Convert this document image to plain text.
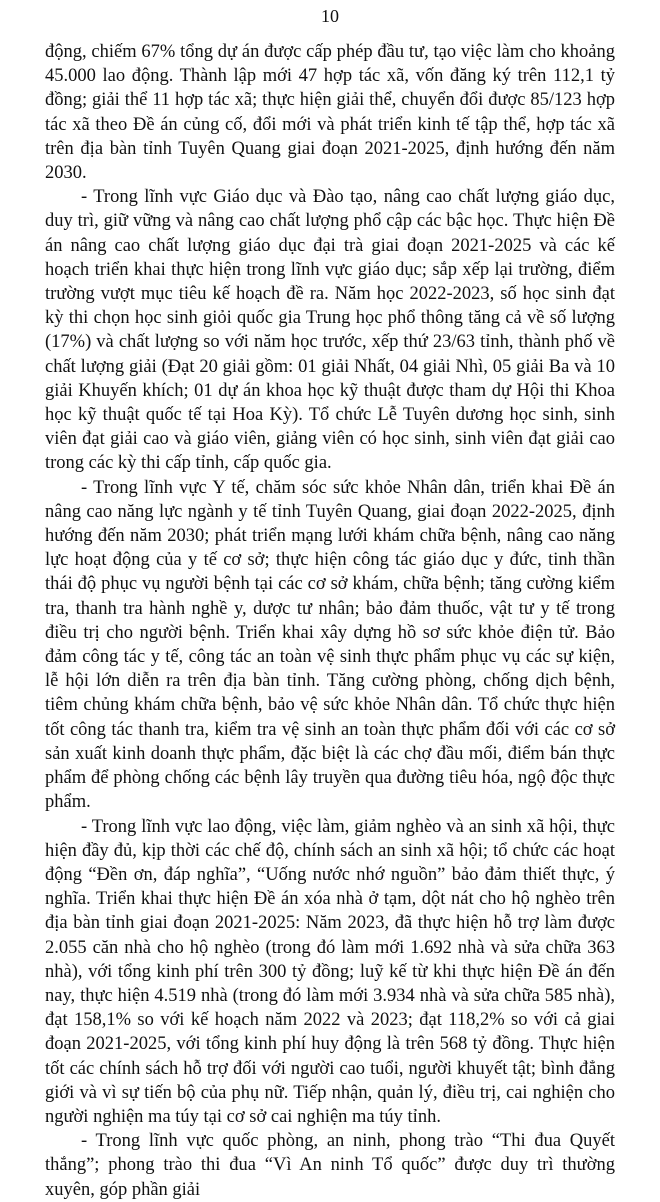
10

động, chiếm 67% tổng dự án được cấp phép đầu tư, tạo việc làm cho khoảng 45.000 lao động. Thành lập mới 47 hợp tác xã, vốn đăng ký trên 112,1 tỷ đồng; giải thể 11 hợp tác xã; thực hiện giải thể, chuyển đổi được 85/123 hợp tác xã theo Đề án củng cố, đổi mới và phát triển kinh tế tập thể, hợp tác xã trên địa bàn tỉnh Tuyên Quang giai đoạn 2021-2025, định hướng đến năm 2030.

- Trong lĩnh vực Giáo dục và Đào tạo, nâng cao chất lượng giáo dục, duy trì, giữ vững và nâng cao chất lượng phổ cập các bậc học. Thực hiện Đề án nâng cao chất lượng giáo dục đại trà giai đoạn 2021-2025 và các kế hoạch triển khai thực hiện trong lĩnh vực giáo dục; sắp xếp lại trường, điểm trường vượt mục tiêu kế hoạch đề ra. Năm học 2022-2023, số học sinh đạt kỳ thi chọn học sinh giỏi quốc gia Trung học phổ thông tăng cả về số lượng (17%) và chất lượng so với năm học trước, xếp thứ 23/63 tỉnh, thành phố về chất lượng giải (Đạt 20 giải gồm: 01 giải Nhất, 04 giải Nhì, 05 giải Ba và 10 giải Khuyến khích; 01 dự án khoa học kỹ thuật được tham dự Hội thi Khoa học kỹ thuật quốc tế tại Hoa Kỳ). Tổ chức Lễ Tuyên dương học sinh, sinh viên đạt giải cao và giáo viên, giảng viên có học sinh, sinh viên đạt giải cao trong các kỳ thi cấp tỉnh, cấp quốc gia.

- Trong lĩnh vực Y tế, chăm sóc sức khỏe Nhân dân, triển khai Đề án nâng cao năng lực ngành y tế tỉnh Tuyên Quang, giai đoạn 2022-2025, định hướng đến năm 2030; phát triển mạng lưới khám chữa bệnh, nâng cao năng lực hoạt động của y tế cơ sở; thực hiện công tác giáo dục y đức, tinh thần thái độ phục vụ người bệnh tại các cơ sở khám, chữa bệnh; tăng cường kiểm tra, thanh tra hành nghề y, dược tư nhân; bảo đảm thuốc, vật tư y tế trong điều trị cho người bệnh. Triển khai xây dựng hồ sơ sức khỏe điện tử. Bảo đảm công tác y tế, công tác an toàn vệ sinh thực phẩm phục vụ các sự kiện, lễ hội lớn diễn ra trên địa bàn tỉnh. Tăng cường phòng, chống dịch bệnh, tiêm chủng khám chữa bệnh, bảo vệ sức khỏe Nhân dân. Tổ chức thực hiện tốt công tác thanh tra, kiểm tra vệ sinh an toàn thực phẩm đối với các cơ sở sản xuất kinh doanh thực phẩm, đặc biệt là các chợ đầu mối, điểm bán thực phẩm để phòng chống các bệnh lây truyền qua đường tiêu hóa, ngộ độc thực phẩm.

- Trong lĩnh vực lao động, việc làm, giảm nghèo và an sinh xã hội, thực hiện đầy đủ, kịp thời các chế độ, chính sách an sinh xã hội; tổ chức các hoạt động “Đền ơn, đáp nghĩa”, “Uống nước nhớ nguồn” bảo đảm thiết thực, ý nghĩa. Triển khai thực hiện Đề án xóa nhà ở tạm, dột nát cho hộ nghèo trên địa bàn tỉnh giai đoạn 2021-2025: Năm 2023, đã thực hiện hỗ trợ làm được 2.055 căn nhà cho hộ nghèo (trong đó làm mới 1.692 nhà và sửa chữa 363 nhà), với tổng kinh phí trên 300 tỷ đồng; luỹ kế từ khi thực hiện Đề án đến nay, thực hiện 4.519 nhà (trong đó làm mới 3.934 nhà và sửa chữa 585 nhà), đạt 158,1% so với kế hoạch năm 2022 và 2023; đạt 118,2% so với cả giai đoạn 2021-2025, với tổng kinh phí huy động là trên 568 tỷ đồng. Thực hiện tốt các chính sách hỗ trợ đối với người cao tuổi, người khuyết tật; bình đẳng giới và vì sự tiến bộ của phụ nữ. Tiếp nhận, quản lý, điều trị, cai nghiện cho người nghiện ma túy tại cơ sở cai nghiện ma túy tỉnh.

- Trong lĩnh vực quốc phòng, an ninh, phong trào “Thi đua Quyết thắng”; phong trào thi đua “Vì An ninh Tổ quốc” được duy trì thường xuyên, góp phần giải
